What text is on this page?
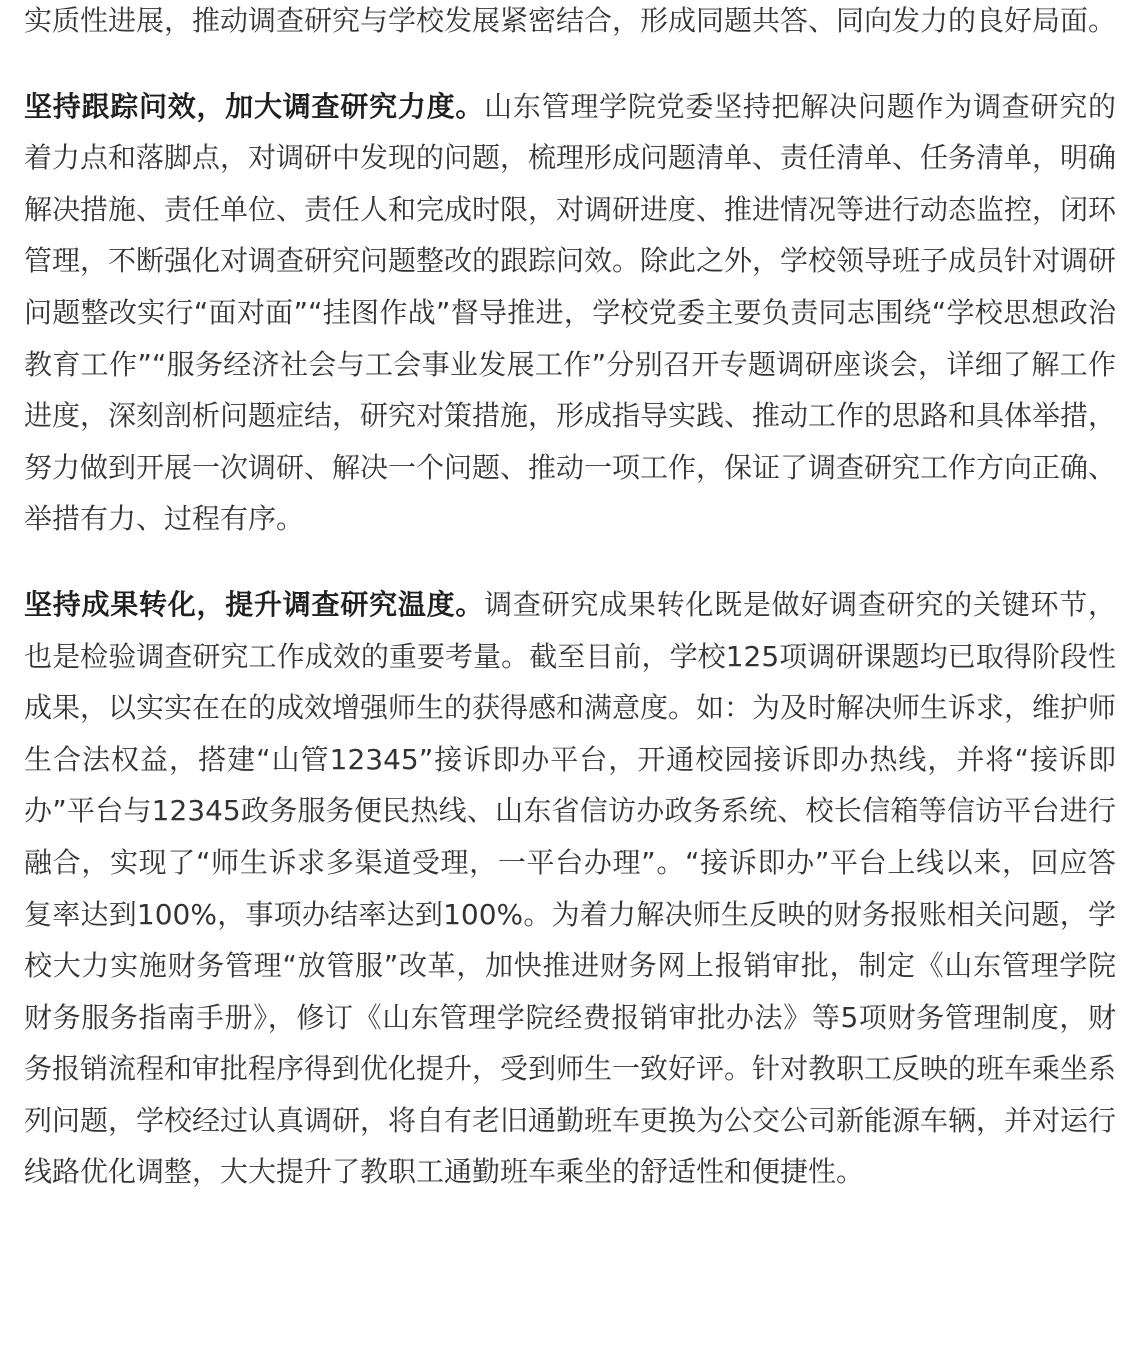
实质性进展，推动调查研究与学校发展紧密结合，形成同题共答、同向发力的良好局面。

坚持跟踪问效，加大调查研究力度。山东管理学院党委坚持把解决问题作为调查研究的着力点和落脚点，对调研中发现的问题，梳理形成问题清单、责任清单、任务清单，明确解决措施、责任单位、责任人和完成时限，对调研进度、推进情况等进行动态监控，闭环管理，不断强化对调查研究问题整改的跟踪问效。除此之外，学校领导班子成员针对调研问题整改实行“面对面”“挂图作战”督导推进，学校党委主要负责同志围绕“学校思想政治教育工作”“服务经济社会与工会事业发展工作”分别召开专题调研座谈会，详细了解工作进度，深刻剖析问题症结，研究对策措施，形成指导实践、推动工作的思路和具体举措，努力做到开展一次调研、解决一个问题、推动一项工作，保证了调查研究工作方向正确、举措有力、过程有序。

坚持成果转化，提升调查研究温度。调查研究成果转化既是做好调查研究的关键环节，也是检验调查研究工作成效的重要考量。截至目前，学校125项调研课题均已取得阶段性成果，以实实在在的成效增强师生的获得感和满意度。如：为及时解决师生诉求，维护师生合法权益，搭建“山管12345”接诉即办平台，开通校园接诉即办热线，并将“接诉即办”平台与12345政务服务便民热线、山东省信访办政务系统、校长信箱等信访平台进行融合，实现了“师生诉求多渠道受理，一平台办理”。“接诉即办”平台上线以来，回应答复率达到100%，事项办结率达到100%。为着力解决师生反映的财务报账相关问题，学校大力实施财务管理“放管服”改革，加快推进财务网上报销审批，制定《山东管理学院财务服务指南手册》，修订《山东管理学院经费报销审批办法》等5项财务管理制度，财务报销流程和审批程序得到优化提升，受到师生一致好评。针对教职工反映的班车乘坐系列问题，学校经过认真调研，将自有老旧通勤班车更换为公交公司新能源车辆，并对运行线路优化调整，大大提升了教职工通勤班车乘坐的舒适性和便捷性。
